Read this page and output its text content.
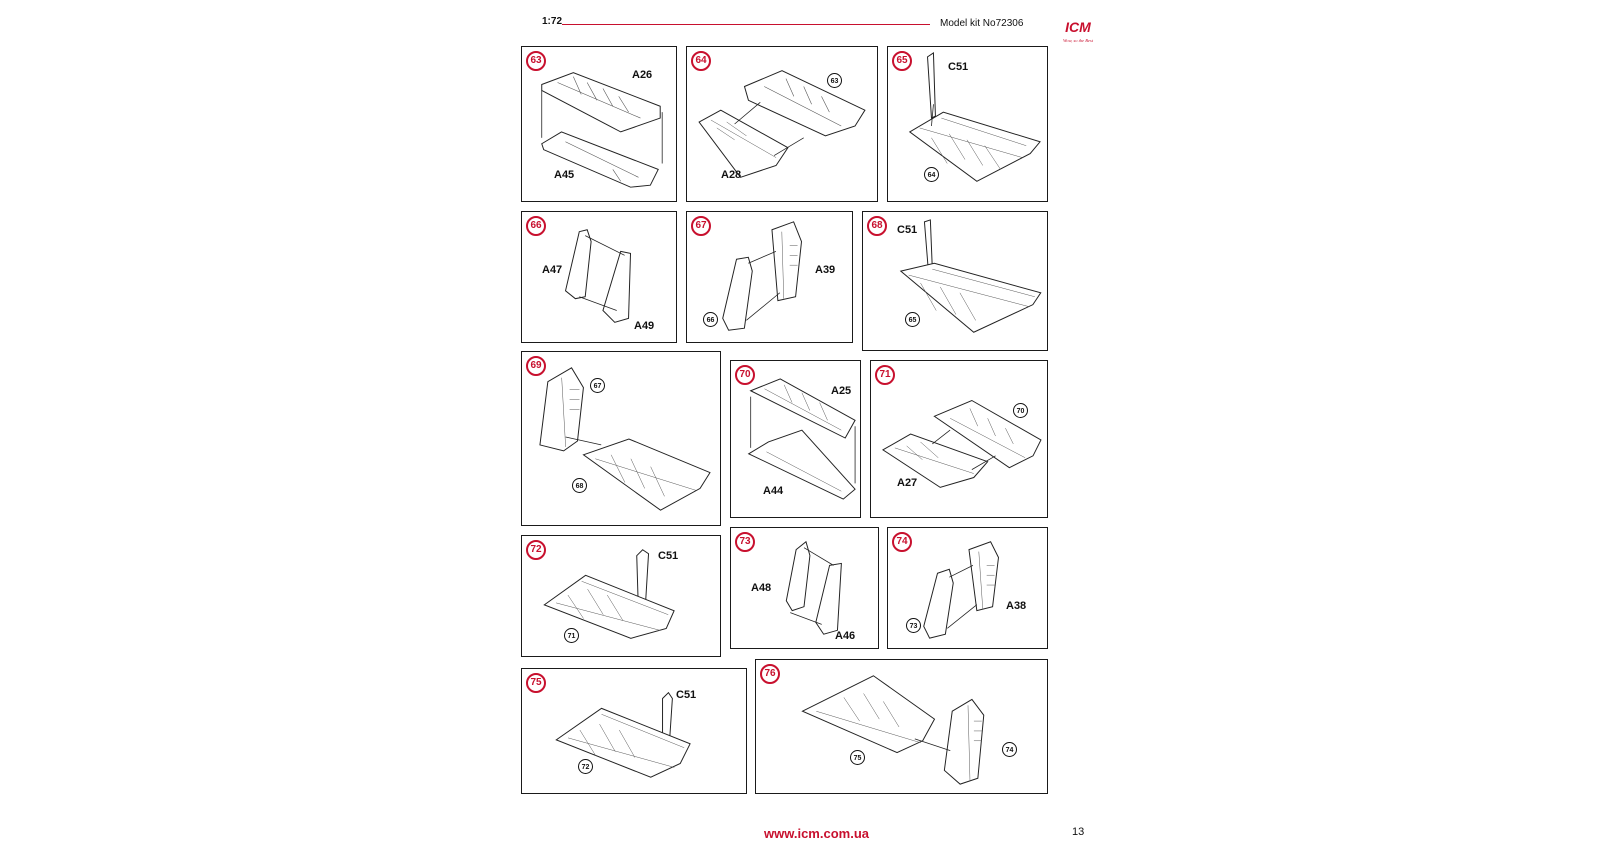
1:72	Model kit No72306	ICM
Wow, so the Best
63
A26
A45
64
63
A28
65
C51
64
66
A47
A49
67
A39
66
68	C51
65
69
67
68
70
A25
A44
71
70
A27
72
C51
71
73
A48
A46
74
A38
73
75
C51
72
76
75
74
www.icm.com.ua	13
